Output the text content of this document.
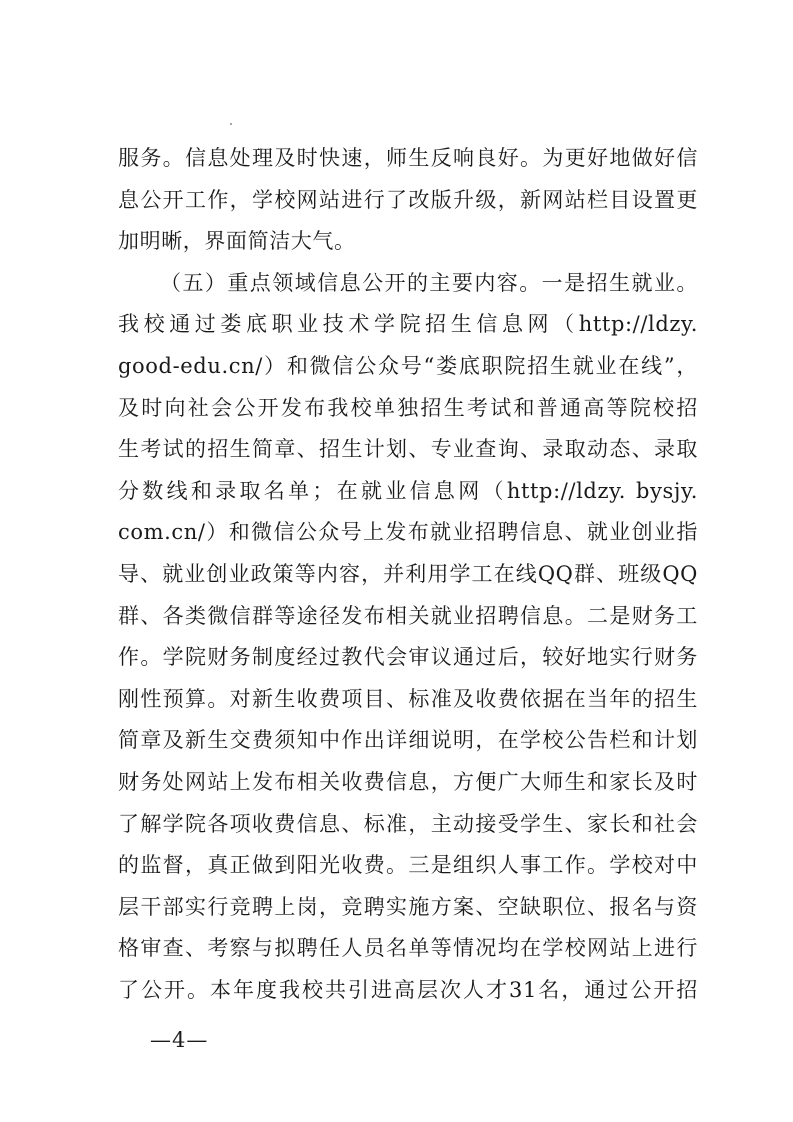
服务。信息处理及时快速，师生反响良好。为更好地做好信
息公开工作，学校网站进行了改版升级，新网站栏目设置更
加明晰，界面简洁大气。
（五）重点领域信息公开的主要内容。一是招生就业。
我校通过娄底职业技术学院招生信息网（http://ldzy.
good-edu.cn/）和微信公众号“娄底职院招生就业在线”，
及时向社会公开发布我校单独招生考试和普通高等院校招
生考试的招生简章、招生计划、专业查询、录取动态、录取
分数线和录取名单；在就业信息网（http://ldzy. bysjy.
com.cn/）和微信公众号上发布就业招聘信息、就业创业指
导、就业创业政策等内容，并利用学工在线QQ群、班级QQ
群、各类微信群等途径发布相关就业招聘信息。二是财务工
作。学院财务制度经过教代会审议通过后，较好地实行财务
刚性预算。对新生收费项目、标准及收费依据在当年的招生
简章及新生交费须知中作出详细说明，在学校公告栏和计划
财务处网站上发布相关收费信息，方便广大师生和家长及时
了解学院各项收费信息、标准，主动接受学生、家长和社会
的监督，真正做到阳光收费。三是组织人事工作。学校对中
层干部实行竞聘上岗，竞聘实施方案、空缺职位、报名与资
格审查、考察与拟聘任人员名单等情况均在学校网站上进行
了公开。本年度我校共引进高层次人才31名，通过公开招
—4—
